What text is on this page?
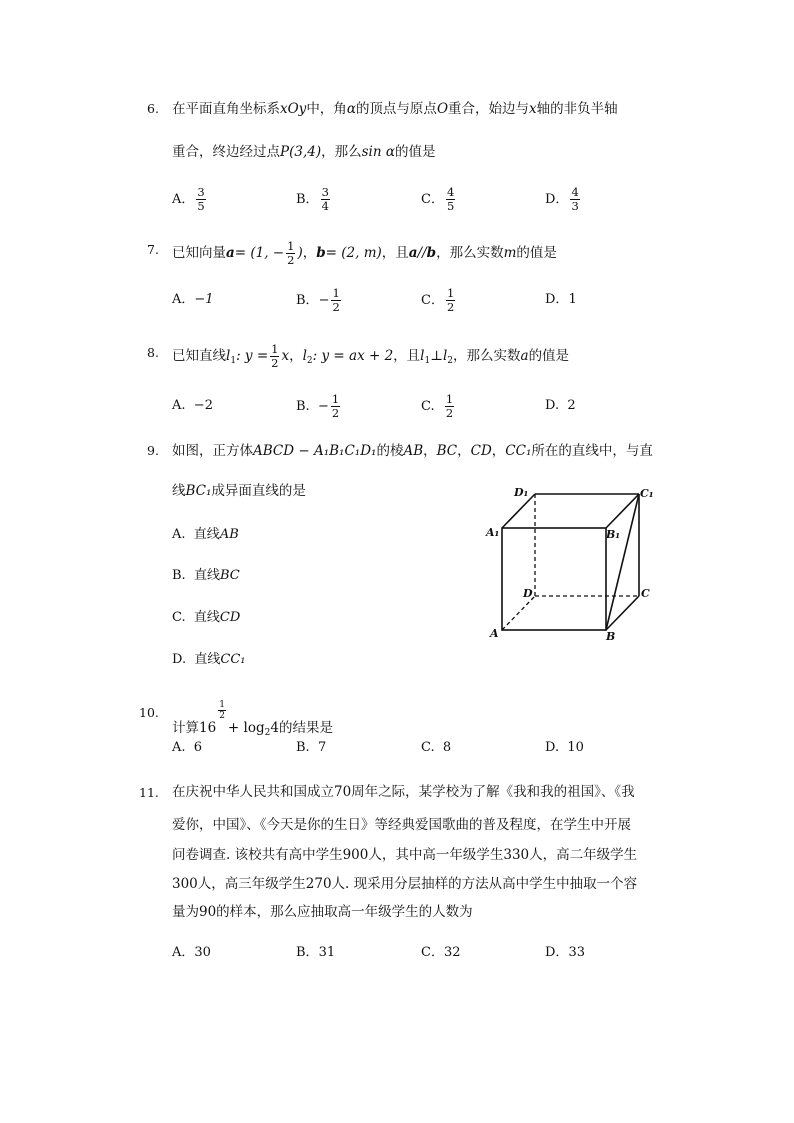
6. 在平面直角坐标系xOy中，角α的顶点与原点O重合，始边与x轴的非负半轴
重合，终边经过点P(3,4)，那么sin α的值是
A． $\frac{3}{5}$	B． $\frac{3}{4}$	C． $\frac{4}{5}$	D． $\frac{4}{3}$
7. 已知向量a= (1, − $\frac{1}{2}$ )，b= (2, m)，且a//b，那么实数m的值是
A．−1	B．− $\frac{1}{2}$	C． $\frac{1}{2}$	D．1
8. 已知直线$l_1$: $y = \frac{1}{2}$ x，$l_2$: y = ax + 2，且$l_1\perp l_2$，那么实数a的值是
A. −2	B. − $\frac{1}{2}$	C. $\frac{1}{2}$	D. 2
9. 如图，正方体ABCD − A₁B₁C₁D₁的棱AB，BC，CD，CC₁所在的直线中，与直
线BC₁成异面直线的是
A. 直线AB
B. 直线BC
C. 直线CD
D. 直线CC₁
D₁	C₁
A₁	B₁
D	C
A	B
10.
计算16
$\frac{1}{2}$
+ $\log_24$的结果是
A. 6	B. 7	C. 8	D. 10
11. 在庆祝中华人民共和国成立70周年之际，某学校为了解《我和我的祖国》、《我
爱你，中国》、《今天是你的生日》等经典爱国歌曲的普及程度，在学生中开展
问卷调查. 该校共有高中学生900人，其中高一年级学生330人，高二年级学生
300人，高三年级学生270人. 现采用分层抽样的方法从高中学生中抽取一个容
量为90的样本，那么应抽取高一年级学生的人数为
A．30	B．31	C．32	D．33
